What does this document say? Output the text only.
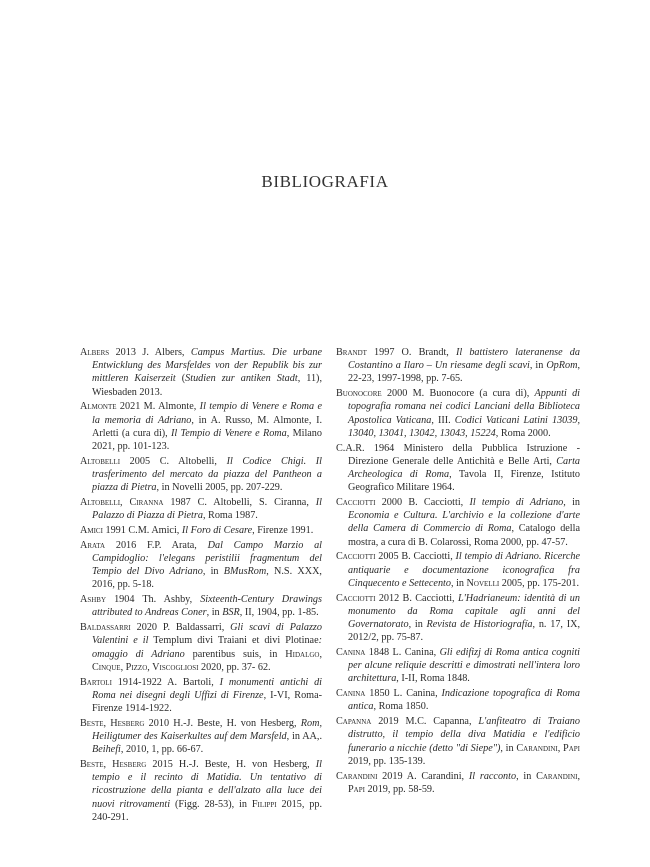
BIBLIOGRAFIA

Albers 2013 J. Albers, Campus Martius. Die urbane Entwicklung des Marsfeldes von der Republik bis zur mittleren Kaiserzeit (Studien zur antiken Stadt, 11), Wiesbaden 2013.

Almonte 2021 M. Almonte, Il tempio di Venere e Roma e la memoria di Adriano, in A. Russo, M. Almonte, I. Arletti (a cura di), Il Tempio di Venere e Roma, Milano 2021, pp. 101-123.

Altobelli 2005 C. Altobelli, Il Codice Chigi. Il trasferimento del mercato da piazza del Pantheon a piazza di Pietra, in Novelli 2005, pp. 207-229.

Altobelli, Ciranna 1987 C. Altobelli, S. Ciranna, Il Palazzo di Piazza di Pietra, Roma 1987.

Amici 1991 C.M. Amici, Il Foro di Cesare, Firenze 1991.

Arata 2016 F.P. Arata, Dal Campo Marzio al Campidoglio: l'elegans peristilii fragmentum del Tempio del Divo Adriano, in BMusRom, N.S. XXX, 2016, pp. 5-18.

Ashby 1904 Th. Ashby, Sixteenth-Century Drawings attributed to Andreas Coner, in BSR, II, 1904, pp. 1-85.

Baldassarri 2020 P. Baldassarri, Gli scavi di Palazzo Valentini e il Templum divi Traiani et divi Plotinae: omaggio di Adriano parentibus suis, in Hidalgo, Cinque, Pizzo, Viscogliosi 2020, pp. 37- 62.

Bartoli 1914-1922 A. Bartoli, I monumenti antichi di Roma nei disegni degli Uffizi di Firenze, I-VI, Roma-Firenze 1914-1922.

Beste, Hesberg 2010 H.-J. Beste, H. von Hesberg, Rom, Heiligtumer des Kaiserkultes auf dem Marsfeld, in AA,. Beihefi, 2010, 1, pp. 66-67.

Beste, Hesberg 2015 H.-J. Beste, H. von Hesberg, Il tempio e il recinto di Matidia. Un tentativo di ricostruzione della pianta e dell'alzato alla luce dei nuovi ritrovamenti (Figg. 28-53), in Filippi 2015, pp. 240-291.

Brandt 1997 O. Brandt, Il battistero lateranense da Costantino a Ilaro – Un riesame degli scavi, in OpRom, 22-23, 1997-1998, pp. 7-65.

Buonocore 2000 M. Buonocore (a cura di), Appunti di topografia romana nei codici Lanciani della Biblioteca Apostolica Vaticana, III. Codici Vaticani Latini 13039, 13040, 13041, 13042, 13043, 15224, Roma 2000.

C.A.R. 1964 Ministero della Pubblica Istruzione - Direzione Generale delle Antichità e Belle Arti, Carta Archeologica di Roma, Tavola II, Firenze, Istituto Geografico Militare 1964.

Cacciotti 2000 B. Cacciotti, Il tempio di Adriano, in Economia e Cultura. L'archivio e la collezione d'arte della Camera di Commercio di Roma, Catalogo della mostra, a cura di B. Colarossi, Roma 2000, pp. 47-57.

Cacciotti 2005 B. Cacciotti, Il tempio di Adriano. Ricerche antiquarie e documentazione iconografica fra Cinquecento e Settecento, in Novelli 2005, pp. 175-201.

Cacciotti 2012 B. Cacciotti, L'Hadrianeum: identità di un monumento da Roma capitale agli anni del Governatorato, in Revista de Historiografía, n. 17, IX, 2012/2, pp. 75-87.

Canina 1848 L. Canina, Gli edifizj di Roma antica cogniti per alcune reliquie descritti e dimostrati nell'intera loro architettura, I-II, Roma 1848.

Canina 1850 L. Canina, Indicazione topografica di Roma antica, Roma 1850.

Capanna 2019 M.C. Capanna, L'anfiteatro di Traiano distrutto, il tempio della diva Matidia e l'edificio funerario a nicchie (detto "di Siepe"), in Carandini, Papi 2019, pp. 135-139.

Carandini 2019 A. Carandini, Il racconto, in Carandini, Papi 2019, pp. 58-59.
